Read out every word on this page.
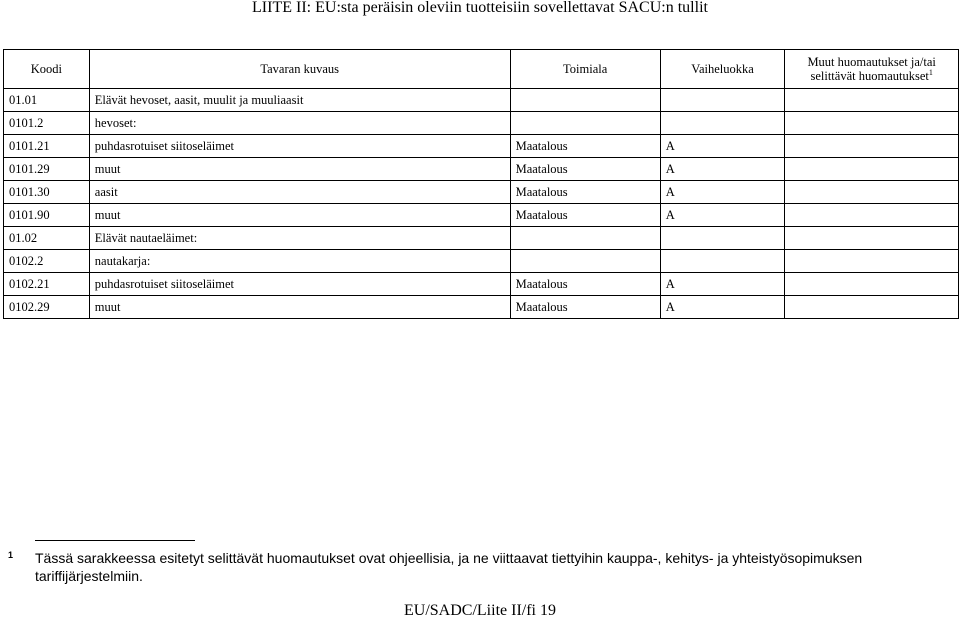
LIITE II: EU:sta peräisin oleviin tuotteisiin sovellettavat SACU:n tullit
Koodi	Tavaran kuvaus	Toimiala	Vaiheluokka	Muut huomautukset ja/tai selittävät huomautukset$^1$
01.01	Elävät hevoset, aasit, muulit ja muuliaasit			
0101.2	hevoset:			
0101.21	puhdasrotuiset siitoseläimet	Maatalous	A	
0101.29	muut	Maatalous	A	
0101.30	aasit	Maatalous	A	
0101.90	muut	Maatalous	A	
01.02	Elävät nautaeläimet:			
0102.2	nautakarja:			
0102.21	puhdasrotuiset siitoseläimet	Maatalous	A	
0102.29	muut	Maatalous	A	
1 Tässä sarakkeessa esitetyt selittävät huomautukset ovat ohjeellisia, ja ne viittaavat tiettyihin kauppa-, kehitys- ja yhteistyösopimuksen tariffijärjestelmiin.
EU/SADC/Liite II/fi 19
